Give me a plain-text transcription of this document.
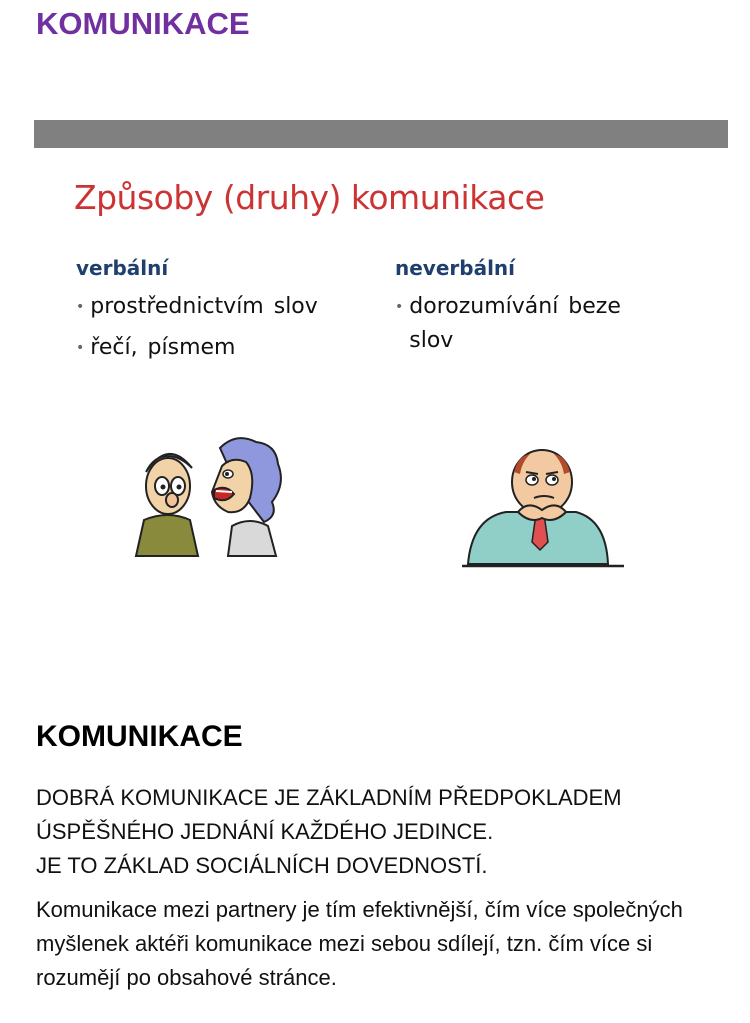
KOMUNIKACE
Způsoby (druhy) komunikace
verbální	neverbální
• prostřednictvím slov
• řečí, písmem
• dorozumívání beze slov
KOMUNIKACE

DOBRÁ KOMUNIKACE JE ZÁKLADNÍM PŘEDPOKLADEM

ÚSPĚŠNÉHO JEDNÁNÍ KAŽDÉHO JEDINCE.

JE TO ZÁKLAD SOCIÁLNÍCH DOVEDNOSTÍ.

Komunikace mezi partnery je tím efektivnější, čím více společných myšlenek aktéři komunikace mezi sebou sdílejí, tzn. čím více si rozumějí po obsahové stránce.
